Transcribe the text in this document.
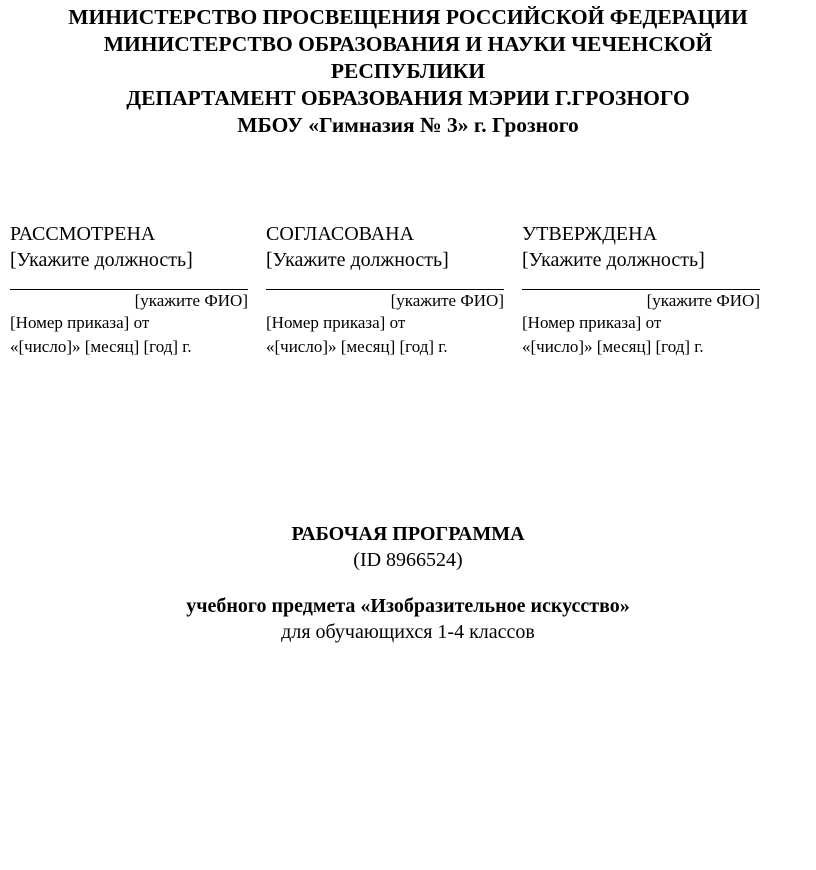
МИНИСТЕРСТВО ПРОСВЕЩЕНИЯ РОССИЙСКОЙ ФЕДЕРАЦИИ
МИНИСТЕРСТВО ОБРАЗОВАНИЯ И НАУКИ ЧЕЧЕНСКОЙ РЕСПУБЛИКИ
ДЕПАРТАМЕНТ ОБРАЗОВАНИЯ МЭРИИ Г.ГРОЗНОГО
МБОУ «Гимназия № 3» г. Грозного
РАССМОТРЕНА
[Укажите должность]
[укажите ФИО]
[Номер приказа] от
«[число]» [месяц] [год] г.
СОГЛАСОВАНА
[Укажите должность]
[укажите ФИО]
[Номер приказа] от
«[число]» [месяц] [год] г.
УТВЕРЖДЕНА
[Укажите должность]
[укажите ФИО]
[Номер приказа] от
«[число]» [месяц] [год] г.
РАБОЧАЯ ПРОГРАММА
(ID 8966524)
учебного предмета «Изобразительное искусство»
для обучающихся 1-4 классов
